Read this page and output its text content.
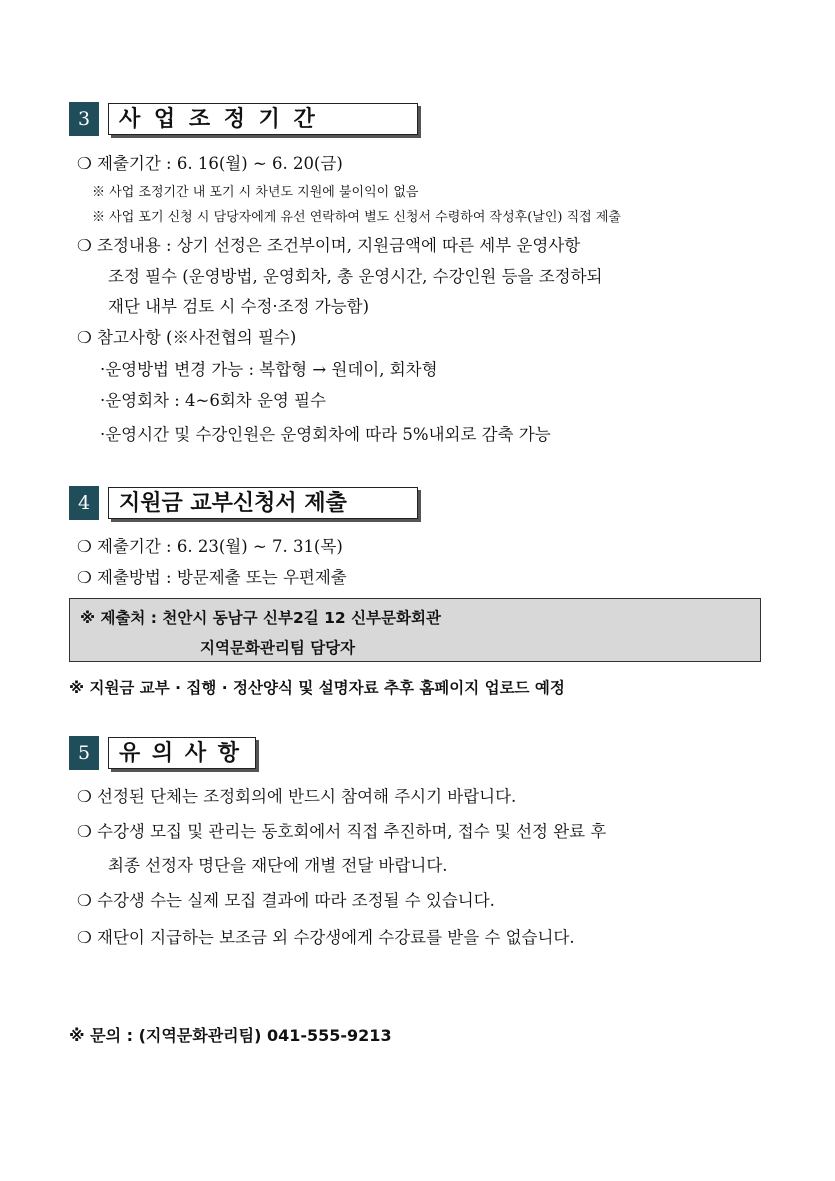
3	사 업 조 정 기 간
❍ 제출기간 : 6. 16(월) ~ 6. 20(금)
※ 사업 조정기간 내 포기 시 차년도 지원에 불이익이 없음
※ 사업 포기 신청 시 담당자에게 유선 연락하여 별도 신청서 수령하여 작성후(날인) 직접 제출
❍ 조정내용 : 상기 선정은 조건부이며, 지원금액에 따른 세부 운영사항
조정 필수 (운영방법, 운영회차, 총 운영시간, 수강인원 등을 조정하되
재단 내부 검토 시 수정·조정 가능함)
❍ 참고사항 (※사전협의 필수)
·운영방법 변경 가능 : 복합형 → 원데이, 회차형
·운영회차 : 4~6회차 운영 필수
·운영시간 및 수강인원은 운영회차에 따라 5%내외로 감축 가능
4	지원금 교부신청서 제출
❍ 제출기간 : 6. 23(월) ~ 7. 31(목)
❍ 제출방법 : 방문제출 또는 우편제출
※ 제출처 : 천안시 동남구 신부2길 12 신부문화회관
지역문화관리팀 담당자
※ 지원금 교부 · 집행 · 정산양식 및 설명자료 추후 홈페이지 업로드 예정
5	유 의 사 항
❍ 선정된 단체는 조정회의에 반드시 참여해 주시기 바랍니다.
❍ 수강생 모집 및 관리는 동호회에서 직접 추진하며, 접수 및 선정 완료 후
최종 선정자 명단을 재단에 개별 전달 바랍니다.
❍ 수강생 수는 실제 모집 결과에 따라 조정될 수 있습니다.
❍ 재단이 지급하는 보조금 외 수강생에게 수강료를 받을 수 없습니다.
※ 문의 : (지역문화관리팀) 041-555-9213
